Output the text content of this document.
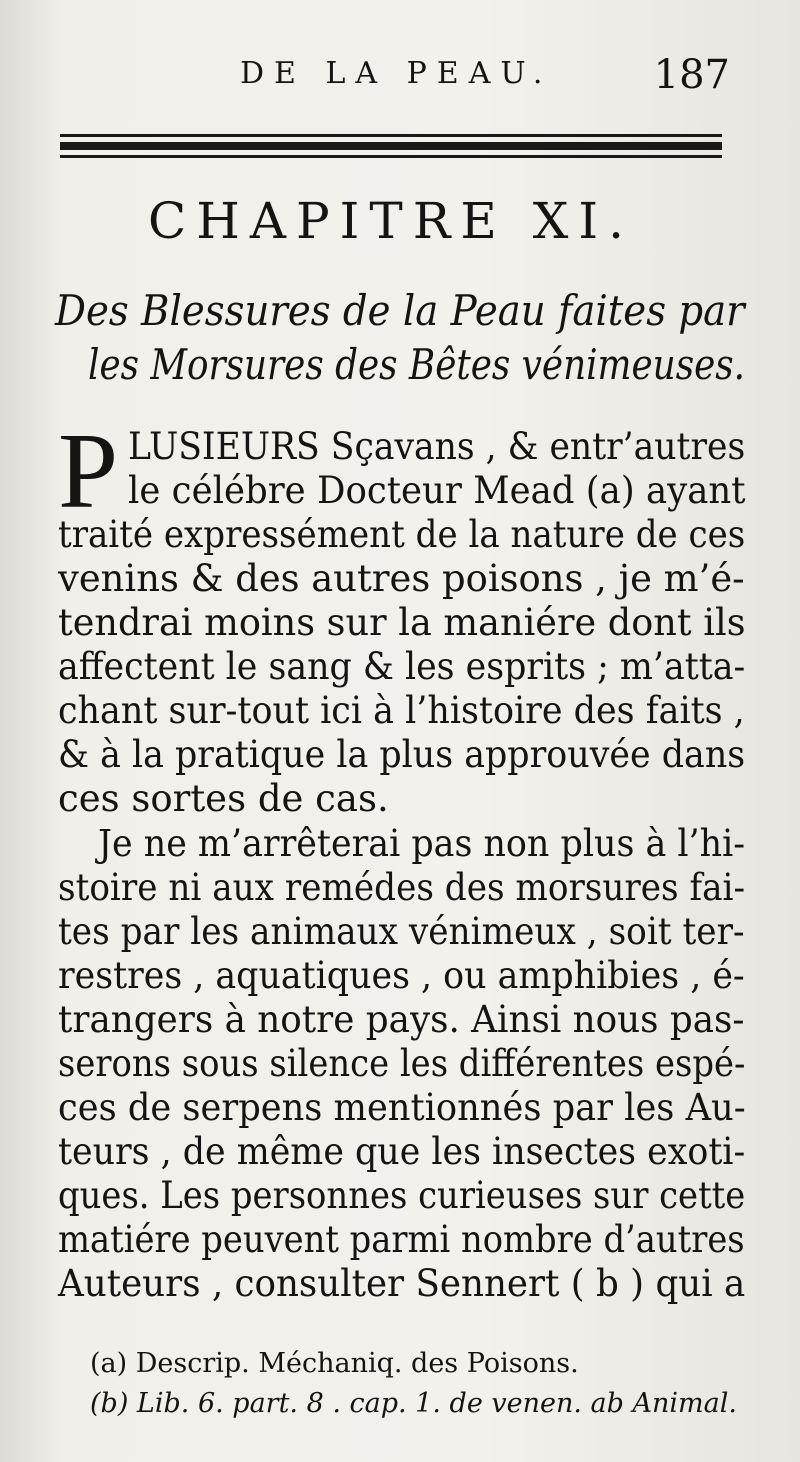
DE LA PEAU.	187
CHAPITRE XI.
Des Blessures de la Peau faites par
les Morsures des Bêtes vénimeuses.
P LUSIEURS Sçavans , & entr’autres
le célébre Docteur Mead (a) ayant
traité expressément de la nature de ces
venins & des autres poisons , je m’é-
tendrai moins sur la maniére dont ils
affectent le sang & les esprits ; m’atta-
chant sur-tout ici à l’histoire des faits ,
& à la pratique la plus approuvée dans
ces sortes de cas.
Je ne m’arrêterai pas non plus à l’hi-
stoire ni aux remédes des morsures fai-
tes par les animaux vénimeux , soit ter-
restres , aquatiques , ou amphibies , é-
trangers à notre pays. Ainsi nous pas-
serons sous silence les différentes espé-
ces de serpens mentionnés par les Au-
teurs , de même que les insectes exoti-
ques. Les personnes curieuses sur cette
matiére peuvent parmi nombre d’autres
Auteurs , consulter Sennert ( b ) qui a
(a) Descrip. Méchaniq. des Poisons.
(b) Lib. 6. part. 8 . cap. 1. de venen. ab Animal.
